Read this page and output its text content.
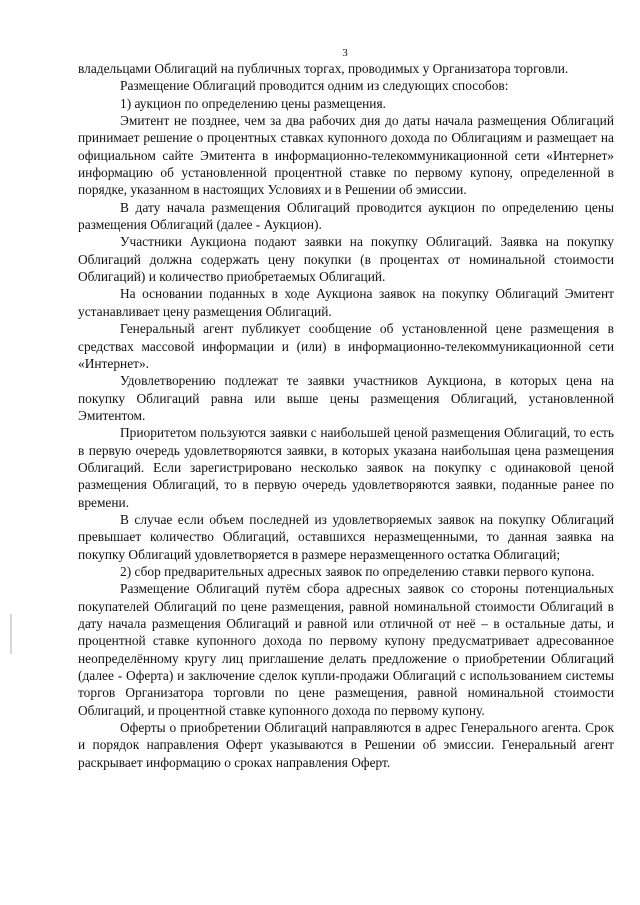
3

владельцами Облигаций на публичных торгах, проводимых у Организатора торговли.

Размещение Облигаций проводится одним из следующих способов:

1) аукцион по определению цены размещения.

Эмитент не позднее, чем за два рабочих дня до даты начала размещения Облигаций принимает решение о процентных ставках купонного дохода по Облигациям и размещает на официальном сайте Эмитента в информационно-телекоммуникационной сети «Интернет» информацию об установленной процентной ставке по первому купону, определенной в порядке, указанном в настоящих Условиях и в Решении об эмиссии.

В дату начала размещения Облигаций проводится аукцион по определению цены размещения Облигаций (далее - Аукцион).

Участники Аукциона подают заявки на покупку Облигаций. Заявка на покупку Облигаций должна содержать цену покупки (в процентах от номинальной стоимости Облигаций) и количество приобретаемых Облигаций.

На основании поданных в ходе Аукциона заявок на покупку Облигаций Эмитент устанавливает цену размещения Облигаций.

Генеральный агент публикует сообщение об установленной цене размещения в средствах массовой информации и (или) в информационно-телекоммуникационной сети «Интернет».

Удовлетворению подлежат те заявки участников Аукциона, в которых цена на покупку Облигаций равна или выше цены размещения Облигаций, установленной Эмитентом.

Приоритетом пользуются заявки с наибольшей ценой размещения Облигаций, то есть в первую очередь удовлетворяются заявки, в которых указана наибольшая цена размещения Облигаций. Если зарегистрировано несколько заявок на покупку с одинаковой ценой размещения Облигаций, то в первую очередь удовлетворяются заявки, поданные ранее по времени.

В случае если объем последней из удовлетворяемых заявок на покупку Облигаций превышает количество Облигаций, оставшихся неразмещенными, то данная заявка на покупку Облигаций удовлетворяется в размере неразмещенного остатка Облигаций;

2) сбор предварительных адресных заявок по определению ставки первого купона.

Размещение Облигаций путём сбора адресных заявок со стороны потенциальных покупателей Облигаций по цене размещения, равной номинальной стоимости Облигаций в дату начала размещения Облигаций и равной или отличной от неё – в остальные даты, и процентной ставке купонного дохода по первому купону предусматривает адресованное неопределённому кругу лиц приглашение делать предложение о приобретении Облигаций (далее - Оферта) и заключение сделок купли-продажи Облигаций с использованием системы торгов Организатора торговли по цене размещения, равной номинальной стоимости Облигаций, и процентной ставке купонного дохода по первому купону.

Оферты о приобретении Облигаций направляются в адрес Генерального агента. Срок и порядок направления Оферт указываются в Решении об эмиссии. Генеральный агент раскрывает информацию о сроках направления Оферт.
